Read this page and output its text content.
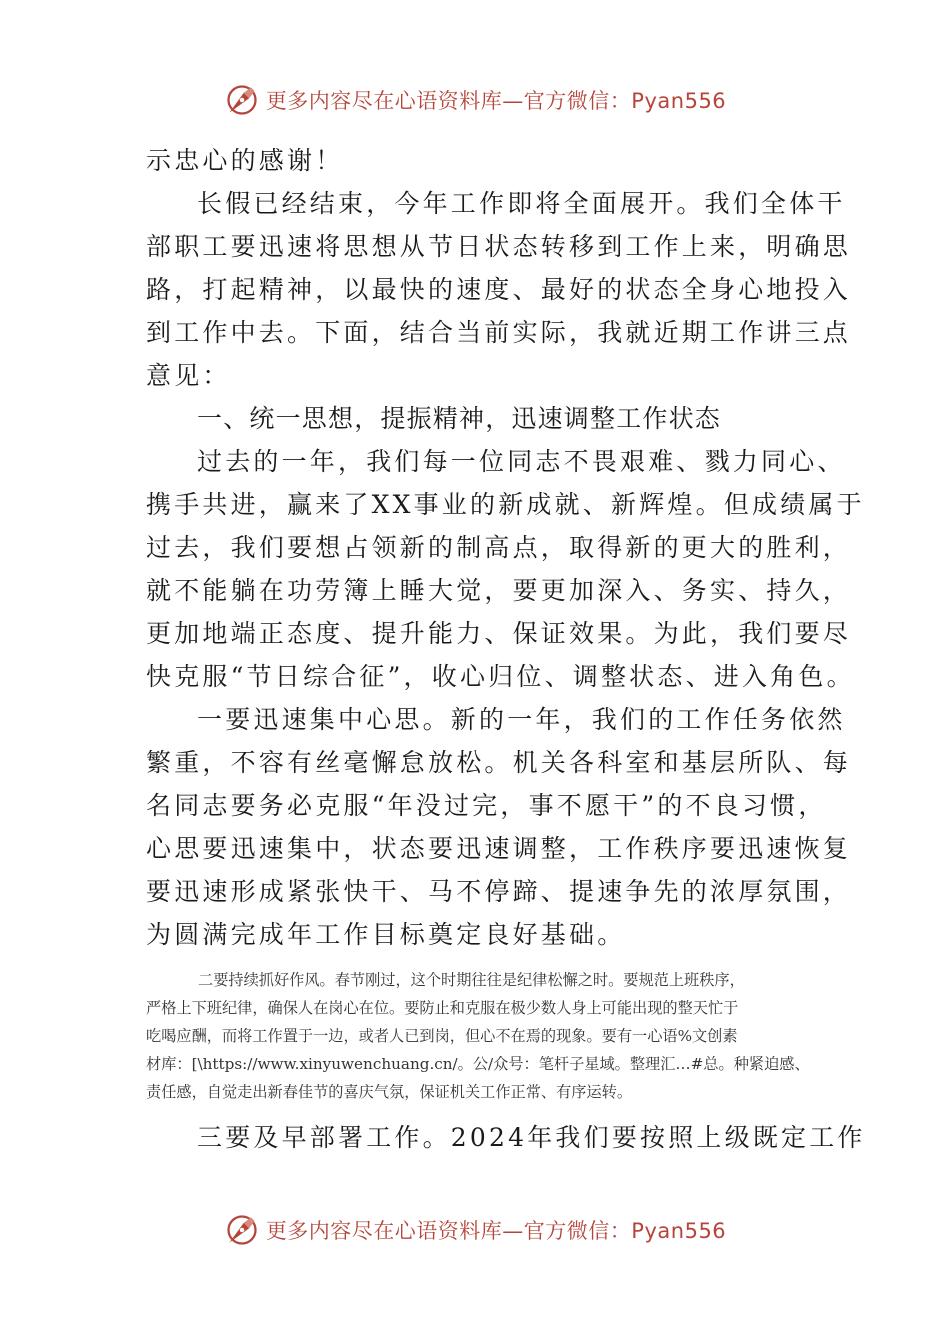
更多内容尽在心语资料库—官方微信：Pyan556
示忠心的感谢！
长假已经结束，今年工作即将全面展开。我们全体干
部职工要迅速将思想从节日状态转移到工作上来，明确思
路，打起精神，以最快的速度、最好的状态全身心地投入
到工作中去。下面，结合当前实际，我就近期工作讲三点
意见：
一、统一思想，提振精神，迅速调整工作状态
过去的一年，我们每一位同志不畏艰难、戮力同心、
携手共进，赢来了XX事业的新成就、新辉煌。但成绩属于
过去，我们要想占领新的制高点，取得新的更大的胜利，
就不能躺在功劳簿上睡大觉，要更加深入、务实、持久，
更加地端正态度、提升能力、保证效果。为此，我们要尽
快克服“节日综合征”，收心归位、调整状态、进入角色。
一要迅速集中心思。新的一年，我们的工作任务依然
繁重，不容有丝毫懈怠放松。机关各科室和基层所队、每
名同志要务必克服“年没过完，事不愿干”的不良习惯，
心思要迅速集中，状态要迅速调整，工作秩序要迅速恢复
要迅速形成紧张快干、马不停蹄、提速争先的浓厚氛围，
为圆满完成年工作目标奠定良好基础。
二要持续抓好作风。春节刚过，这个时期往往是纪律松懈之时。要规范上班秩序，
严格上下班纪律，确保人在岗心在位。要防止和克服在极少数人身上可能出现的整天忙于
吃喝应酬，而将工作置于一边，或者人已到岗，但心不在焉的现象。要有一心语%文创素
材库：[\https://www.xinyuwenchuang.cn/。公/众号：笔杆子星域。整理汇…#总。种紧迫感、
责任感，自觉走出新春佳节的喜庆气氛，保证机关工作正常、有序运转。
三要及早部署工作。2024年我们要按照上级既定工作
更多内容尽在心语资料库—官方微信：Pyan556
